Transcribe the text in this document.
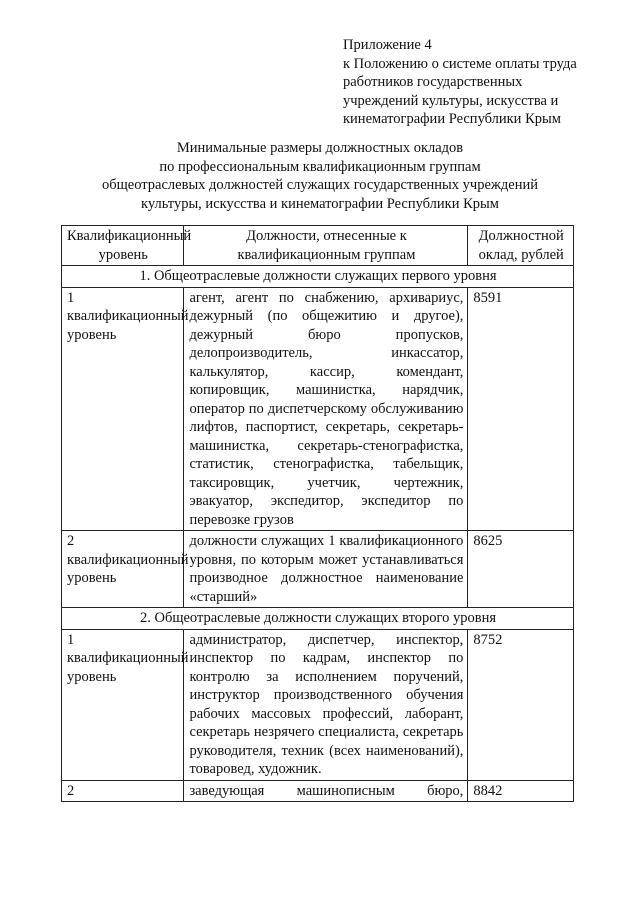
Приложение 4
к Положению о системе оплаты труда
работников государственных
учреждений культуры, искусства и
кинематографии Республики Крым
Минимальные размеры должностных окладов
по профессиональным квалификационным группам
общеотраслевых должностей служащих государственных учреждений
культуры, искусства и кинематографии Республики Крым
Квалификационный уровень	Должности, отнесенные к квалификационным группам	Должностной оклад, рублей
1. Общеотраслевые должности служащих первого уровня		
1 квалификационный уровень	агент, агент по снабжению, архивариус, дежурный (по общежитию и другое), дежурный бюро пропусков, делопроизводитель, инкассатор, калькулятор, кассир, комендант, копировщик, машинистка, нарядчик, оператор по диспетчерскому обслуживанию лифтов, паспортист, секретарь, секретарь-машинистка, секретарь-стенографистка, статистик, стенографистка, табельщик, таксировщик, учетчик, чертежник, эвакуатор, экспедитор, экспедитор по перевозке грузов	8591
2 квалификационный уровень	должности служащих 1 квалификационного уровня, по которым может устанавливаться производное должностное наименование «старший»	8625
2. Общеотраслевые должности служащих второго уровня		
1 квалификационный уровень	администратор, диспетчер, инспектор, инспектор по кадрам, инспектор по контролю за исполнением поручений, инструктор производственного обучения рабочих массовых профессий, лаборант, секретарь незрячего специалиста, секретарь руководителя, техник (всех наименований), товаровед, художник.	8752
2	заведующая машинописным бюро,	8842
